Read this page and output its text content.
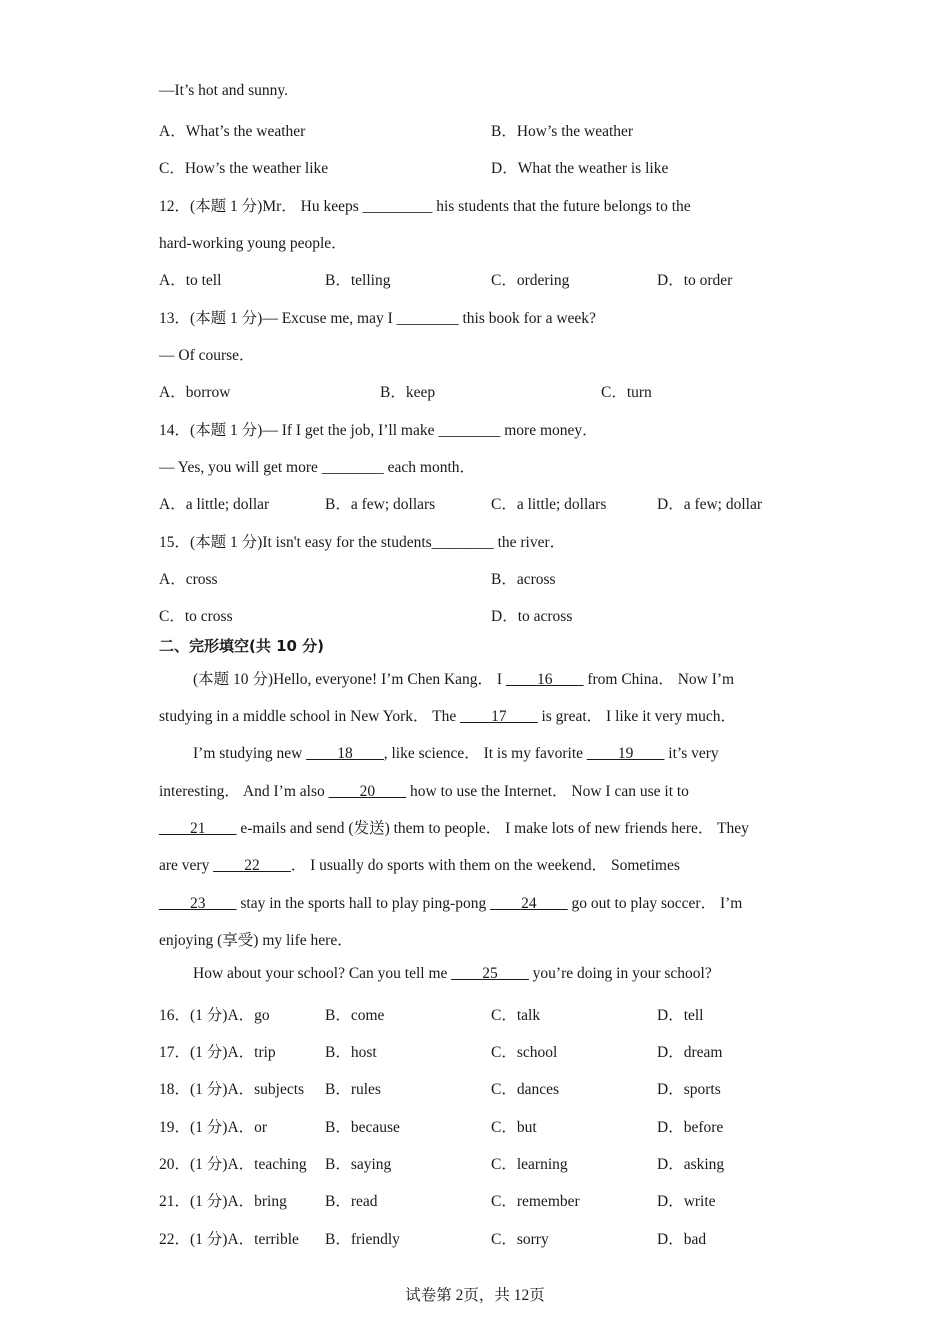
—It’s hot and sunny.
A．What’s the weather	B．How’s the weather
C．How’s the weather like	D．What the weather is like
12．(本题 1 分)Mr． Hu keeps _________ his students that the future belongs to the
hard-working young people．
A．to tell	B．telling	C．ordering	D．to order
13．(本题 1 分)— Excuse me, may I ________ this book for a week?
— Of course．
A．borrow	B．keep	C．turn
14．(本题 1 分)— If I get the job, I’ll make ________ more money．
— Yes, you will get more ________ each month．
A．a little; dollar	B．a few; dollars	C．a little; dollars	D．a few; dollar
15．(本题 1 分)It isn't easy for the students________ the river．
A．cross	B．across
C．to cross	D．to across
二、完形填空(共 10 分)
(本题 10 分)Hello, everyone! I’m Chen Kang． I ____16____ from China． Now I’m
studying in a middle school in New York． The ____17____ is great． I like it very much．
I’m studying new ____18____, like science． It is my favorite ____19____ it’s very
interesting． And I’m also ____20____ how to use the Internet． Now I can use it to
____21____ e-mails and send (发送) them to people． I make lots of new friends here． They
are very ____22____． I usually do sports with them on the weekend． Sometimes
____23____ stay in the sports hall to play ping-pong ____24____ go out to play soccer． I’m
enjoying (享受) my life here．
How about your school? Can you tell me ____25____ you’re doing in your school?
16．(1 分)A．go	B．come	C．talk	D．tell
17．(1 分)A．trip	B．host	C．school	D．dream
18．(1 分)A．subjects B．rules	C．dances	D．sports
19．(1 分)A．or	B．because	C．but	D．before
20．(1 分)A．teaching B．saying	C．learning	D．asking
21．(1 分)A．bring B．read	C．remember	D．write
22．(1 分)A．terrible B．friendly	C．sorry	D．bad
试卷第 2页，共 12页
